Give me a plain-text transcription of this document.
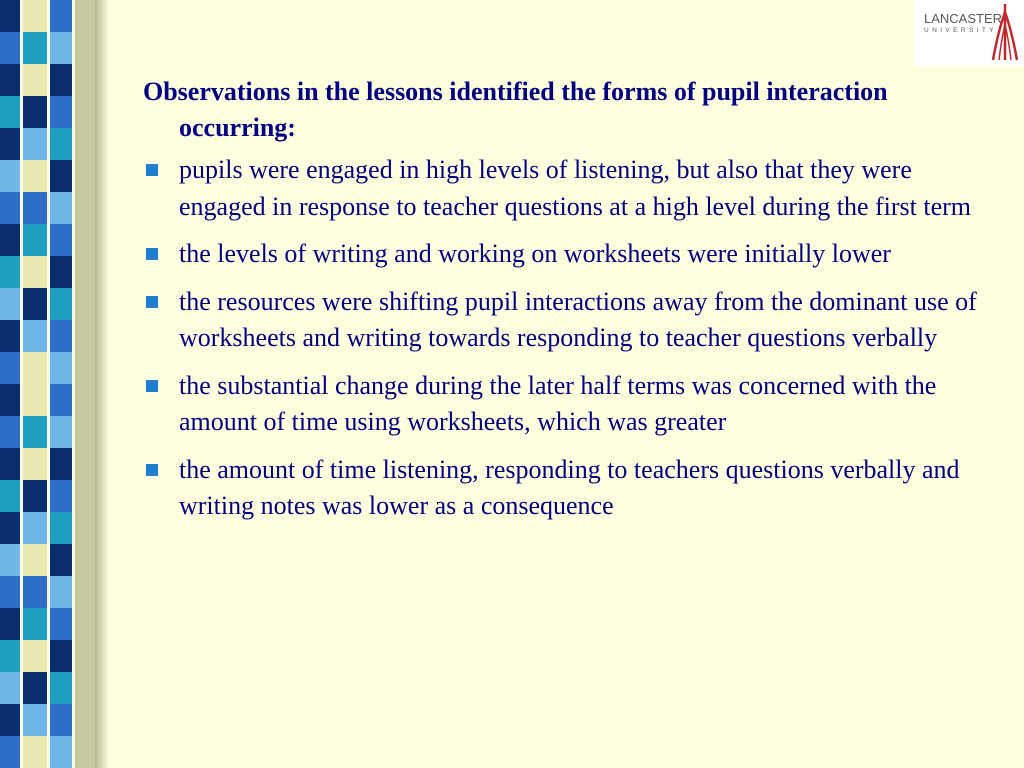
LANCASTER
UNIVERSITY

Observations in the lessons identified the forms of pupil interaction occurring:

pupils were engaged in high levels of listening, but also that they were engaged in response to teacher questions at a high level during the first term
the levels of writing and working on worksheets were initially lower
the resources were shifting pupil interactions away from the dominant use of worksheets and writing towards responding to teacher questions verbally
the substantial change during the later half terms was concerned with the amount of time using worksheets, which was greater
the amount of time listening, responding to teachers questions verbally and writing notes was lower as a consequence
